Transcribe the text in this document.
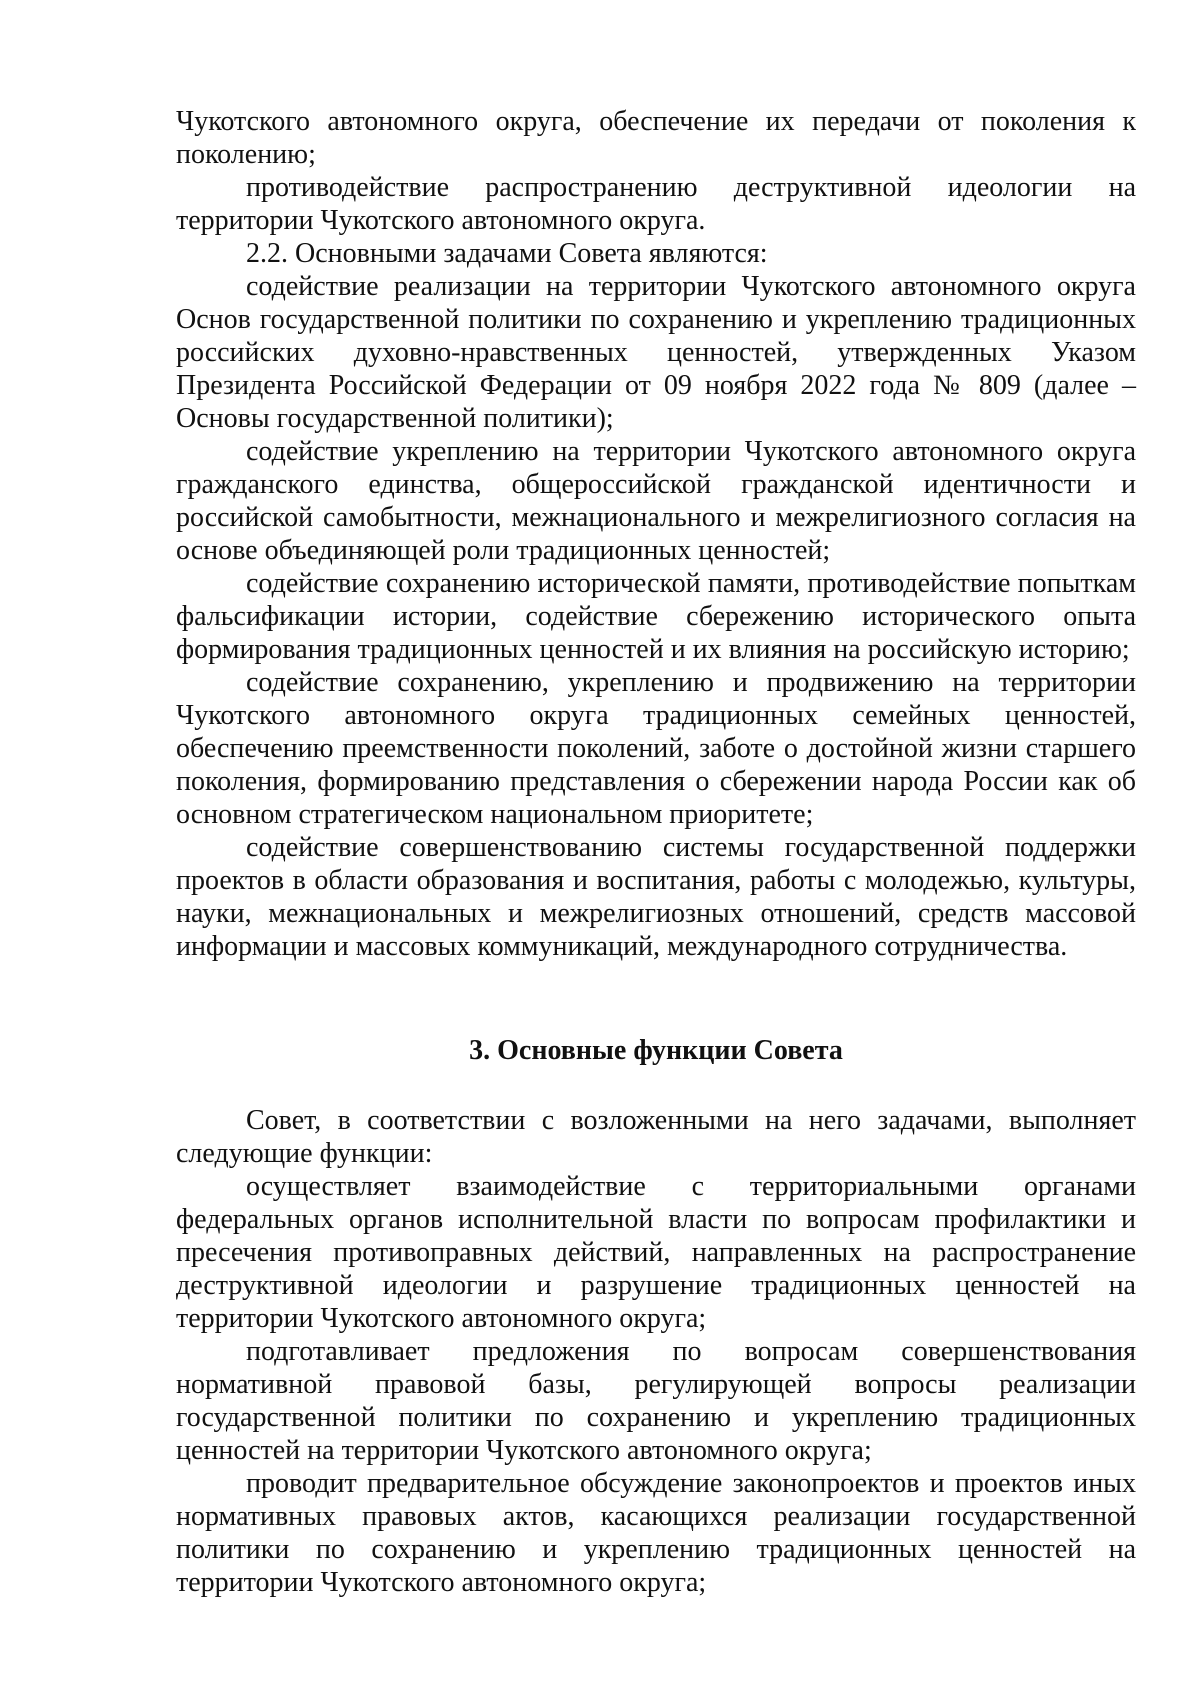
Чукотского автономного округа, обеспечение их передачи от поколения к поколению;

противодействие распространению деструктивной идеологии на территории Чукотского автономного округа.

2.2. Основными задачами Совета являются:

содействие реализации на территории Чукотского автономного округа Основ государственной политики по сохранению и укреплению традиционных российских духовно-нравственных ценностей, утвержденных Указом Президента Российской Федерации от 09 ноября 2022 года № 809 (далее – Основы государственной политики);

содействие укреплению на территории Чукотского автономного округа гражданского единства, общероссийской гражданской идентичности и российской самобытности, межнационального и межрелигиозного согласия на основе объединяющей роли традиционных ценностей;

содействие сохранению исторической памяти, противодействие попыткам фальсификации истории, содействие сбережению исторического опыта формирования традиционных ценностей и их влияния на российскую историю;

содействие сохранению, укреплению и продвижению на территории Чукотского автономного округа традиционных семейных ценностей, обеспечению преемственности поколений, заботе о достойной жизни старшего поколения, формированию представления о сбережении народа России как об основном стратегическом национальном приоритете;

содействие совершенствованию системы государственной поддержки проектов в области образования и воспитания, работы с молодежью, культуры, науки, межнациональных и межрелигиозных отношений, средств массовой информации и массовых коммуникаций, международного сотрудничества.

3. Основные функции Совета

Совет, в соответствии с возложенными на него задачами, выполняет следующие функции:

осуществляет взаимодействие с территориальными органами федеральных органов исполнительной власти по вопросам профилактики и пресечения противоправных действий, направленных на распространение деструктивной идеологии и разрушение традиционных ценностей на территории Чукотского автономного округа;

подготавливает предложения по вопросам совершенствования нормативной правовой базы, регулирующей вопросы реализации государственной политики по сохранению и укреплению традиционных ценностей на территории Чукотского автономного округа;

проводит предварительное обсуждение законопроектов и проектов иных нормативных правовых актов, касающихся реализации государственной политики по сохранению и укреплению традиционных ценностей на территории Чукотского автономного округа;
